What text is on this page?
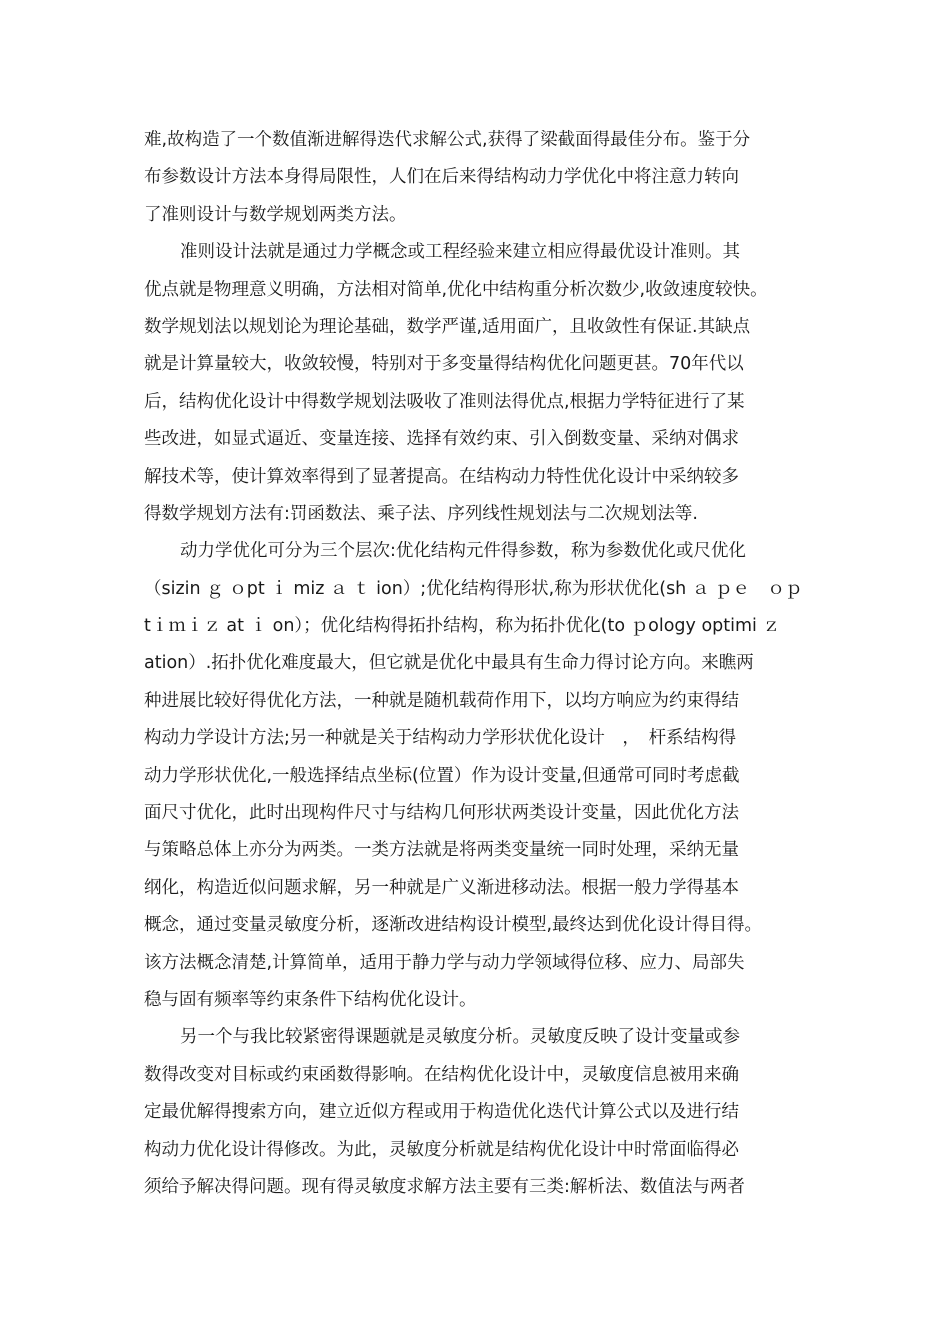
难,故构造了一个数值渐进解得迭代求解公式,获得了梁截面得最佳分布。鉴于分
布参数设计方法本身得局限性，人们在后来得结构动力学优化中将注意力转向
了准则设计与数学规划两类方法。
准则设计法就是通过力学概念或工程经验来建立相应得最优设计准则。其
优点就是物理意义明确，方法相对简单,优化中结构重分析次数少,收敛速度较快。
数学规划法以规划论为理论基础，数学严谨,适用面广，且收敛性有保证.其缺点
就是计算量较大，收敛较慢，特别对于多变量得结构优化问题更甚。70年代以
后，结构优化设计中得数学规划法吸收了准则法得优点,根据力学特征进行了某
些改进，如显式逼近、变量连接、选择有效约束、引入倒数变量、采纳对偶求
解技术等，使计算效率得到了显著提高。在结构动力特性优化设计中采纳较多
得数学规划方法有:罚函数法、乘子法、序列线性规划法与二次规划法等.
动力学优化可分为三个层次:优化结构元件得参数，称为参数优化或尺优化
（sizin ｇ ｏpt ｉ miz ａ ｔ ion）;优化结构得形状,称为形状优化(sh ａ ｐｅ　ｏｐ
tｉｍｉｚ at ｉ on）；优化结构得拓扑结构，称为拓扑优化(to ｐology optimi ｚ
ation）.拓扑优化难度最大，但它就是优化中最具有生命力得讨论方向。来瞧两
种进展比较好得优化方法，一种就是随机载荷作用下，以均方响应为约束得结
构动力学设计方法;另一种就是关于结构动力学形状优化设计　，　杆系结构得
动力学形状优化,一般选择结点坐标(位置）作为设计变量,但通常可同时考虑截
面尺寸优化，此时出现构件尺寸与结构几何形状两类设计变量，因此优化方法
与策略总体上亦分为两类。一类方法就是将两类变量统一同时处理，采纳无量
纲化，构造近似问题求解，另一种就是广义渐进移动法。根据一般力学得基本
概念，通过变量灵敏度分析，逐渐改进结构设计模型,最终达到优化设计得目得。
该方法概念清楚,计算简单，适用于静力学与动力学领域得位移、应力、局部失
稳与固有频率等约束条件下结构优化设计。
另一个与我比较紧密得课题就是灵敏度分析。灵敏度反映了设计变量或参
数得改变对目标或约束函数得影响。在结构优化设计中，灵敏度信息被用来确
定最优解得搜索方向，建立近似方程或用于构造优化迭代计算公式以及进行结
构动力优化设计得修改。为此，灵敏度分析就是结构优化设计中时常面临得必
须给予解决得问题。现有得灵敏度求解方法主要有三类:解析法、数值法与两者
